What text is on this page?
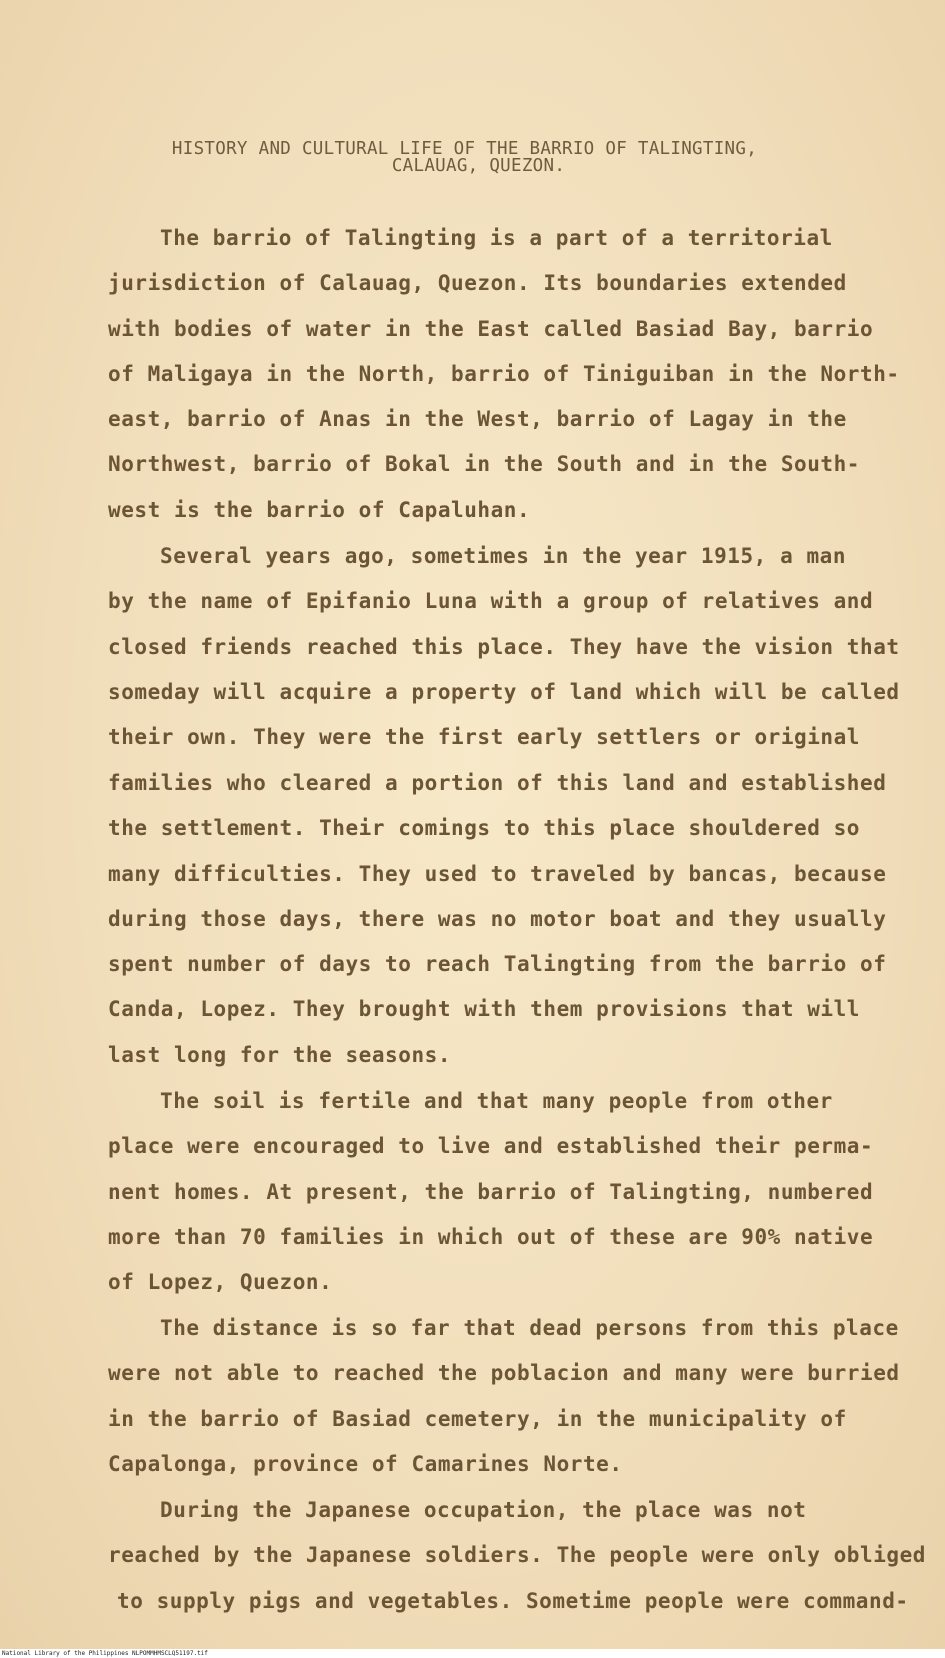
HISTORY AND CULTURAL LIFE OF THE BARRIO OF TALINGTING,
CALAUAG, QUEZON.
The barrio of Talingting is a part of a territorial
jurisdiction of Calauag, Quezon. Its boundaries extended
with bodies of water in the East called Basiad Bay, barrio
of Maligaya in the North, barrio of Tiniguiban in the North-
east, barrio of Anas in the West, barrio of Lagay in the
Northwest, barrio of Bokal in the South and in the South-
west is the barrio of Capaluhan.
Several years ago, sometimes in the year 1915, a man
by the name of Epifanio Luna with a group of relatives and
closed friends reached this place. They have the vision that
someday will acquire a property of land which will be called
their own. They were the first early settlers or original
families who cleared a portion of this land and established
the settlement. Their comings to this place shouldered so
many difficulties. They used to traveled by bancas, because
during those days, there was no motor boat and they usually
spent number of days to reach Talingting from the barrio of
Canda, Lopez. They brought with them provisions that will
last long for the seasons.
The soil is fertile and that many people from other
place were encouraged to live and established their perma-
nent homes. At present, the barrio of Talingting, numbered
more than 70 families in which out of these are 90% native
of Lopez, Quezon.
The distance is so far that dead persons from this place
were not able to reached the poblacion and many were burried
in the barrio of Basiad cemetery, in the municipality of
Capalonga, province of Camarines Norte.
During the Japanese occupation, the place was not
reached by the Japanese soldiers. The people were only obliged
to supply pigs and vegetables. Sometime people were command-
National Library of the Philippines NLPOMMHMSCLQ51197.tif
